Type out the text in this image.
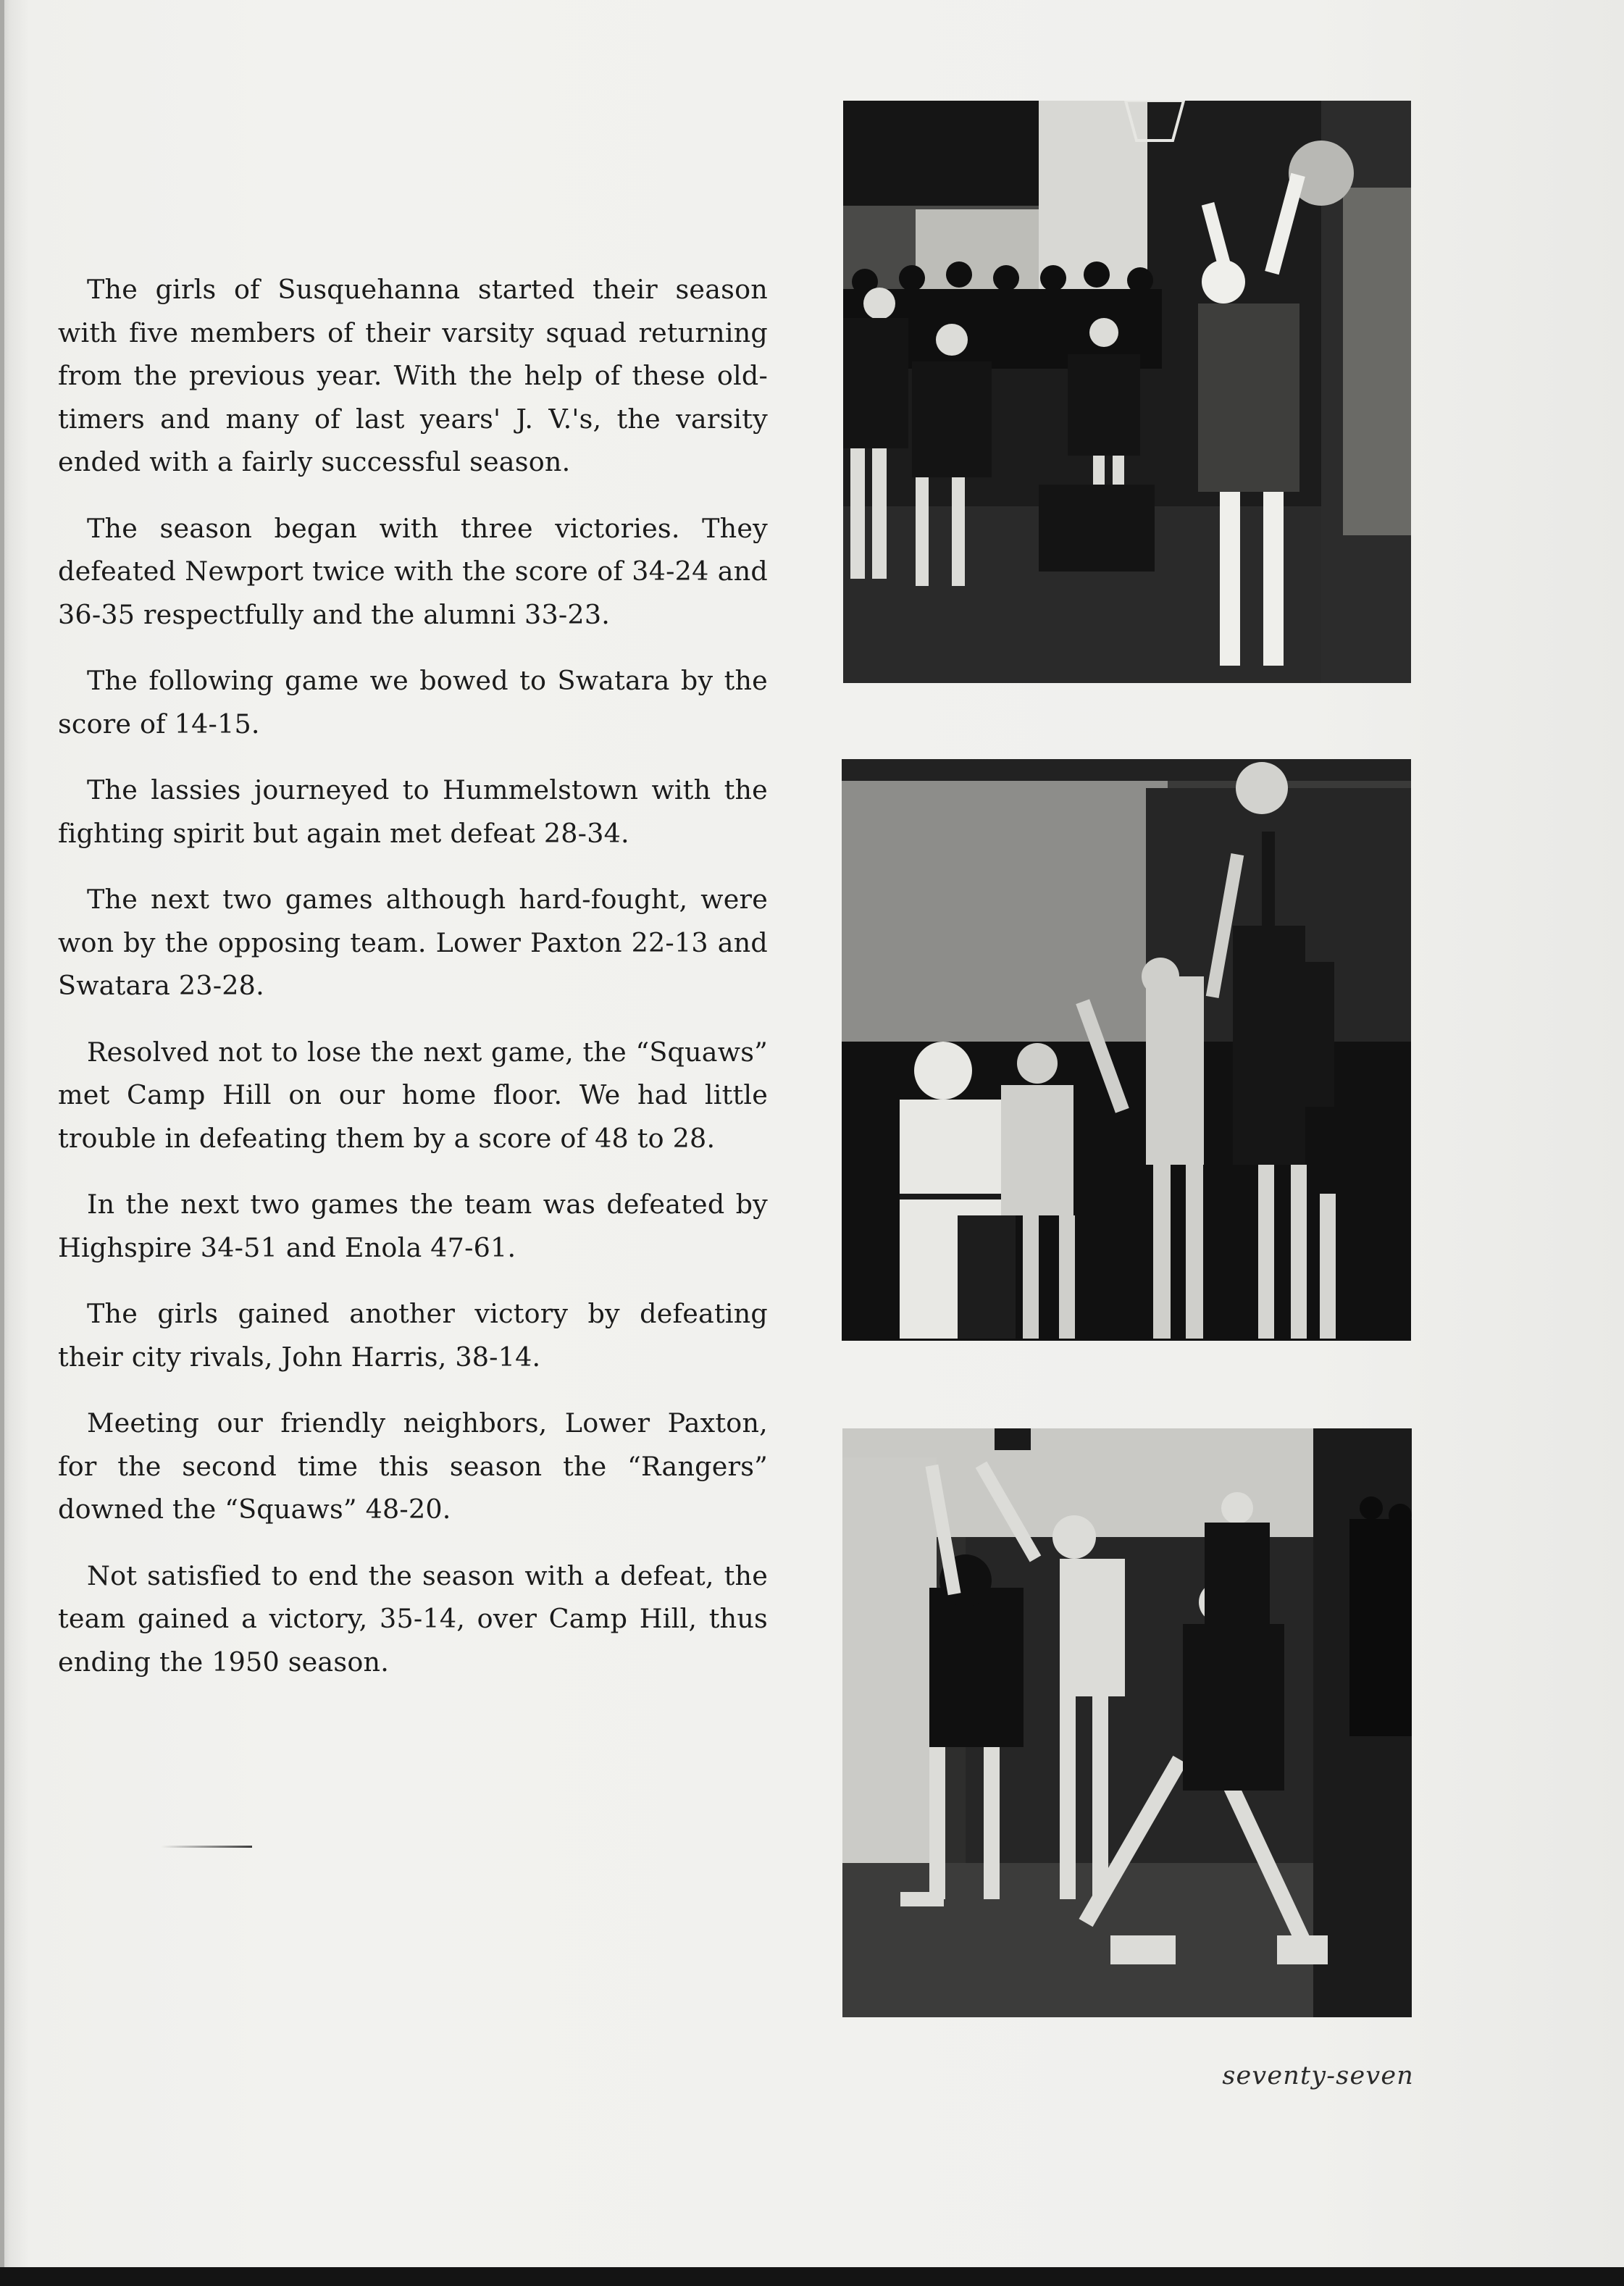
The girls of Susquehanna started their season with five members of their varsity squad returning from the previous year. With the help of these old-timers and many of last years' J. V.'s, the varsity ended with a fairly successful season.

The season began with three victories. They defeated Newport twice with the score of 34-24 and 36-35 respectfully and the alumni 33-23.

The following game we bowed to Swatara by the score of 14-15.

The lassies journeyed to Hummelstown with the fighting spirit but again met defeat 28-34.

The next two games although hard-fought, were won by the opposing team. Lower Paxton 22-13 and Swatara 23-28.

Resolved not to lose the next game, the “Squaws” met Camp Hill on our home floor. We had little trouble in defeating them by a score of 48 to 28.

In the next two games the team was defeated by Highspire 34-51 and Enola 47-61.

The girls gained another victory by defeating their city rivals, John Harris, 38-14.

Meeting our friendly neighbors, Lower Paxton, for the second time this season the “Rangers” downed the “Squaws” 48-20.

Not satisfied to end the season with a defeat, the team gained a victory, 35-14, over Camp Hill, thus ending the 1950 season.

seventy-seven
